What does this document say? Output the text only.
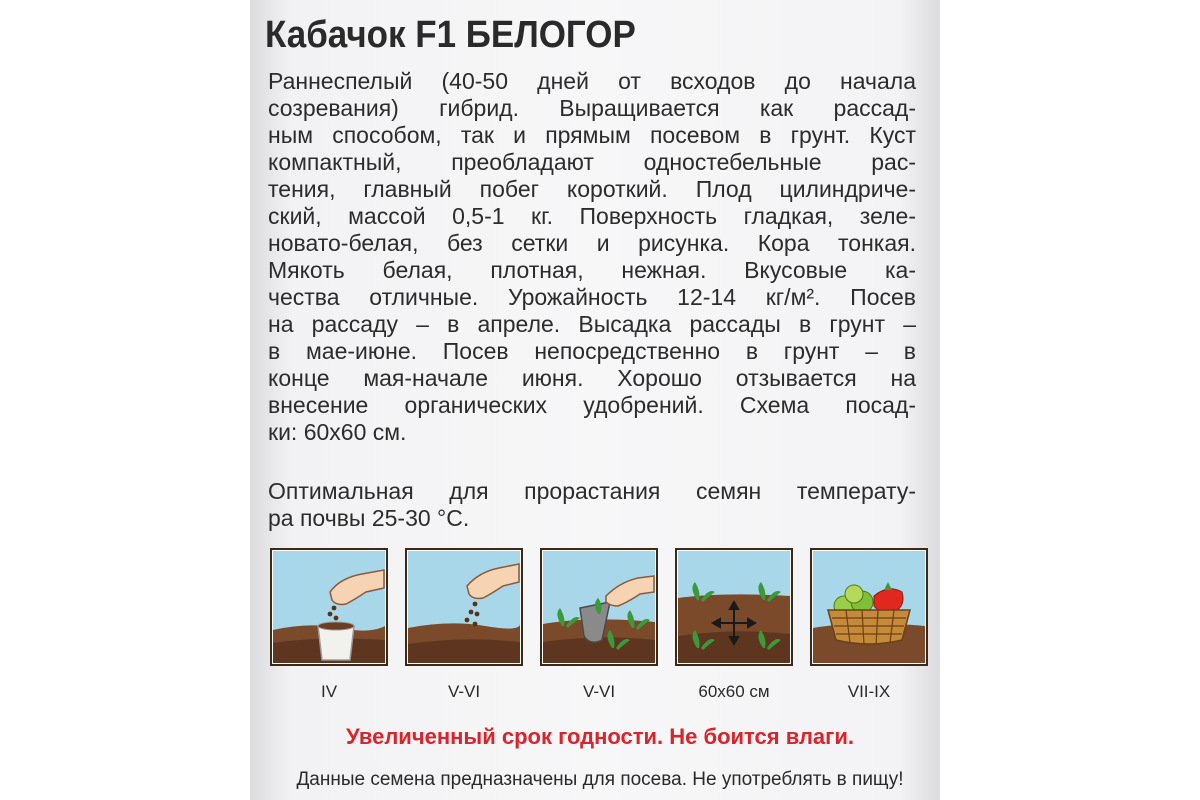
Кабачок F1 БЕЛОГОР
Раннеспелый (40-50 дней от всходов до начала
созревания) гибрид. Выращивается как рассад-
ным способом, так и прямым посевом в грунт. Куст
компактный, преобладают одностебельные рас-
тения, главный побег короткий. Плод цилиндриче-
ский, массой 0,5-1 кг. Поверхность гладкая, зеле-
новато-белая, без сетки и рисунка. Кора тонкая.
Мякоть белая, плотная, нежная. Вкусовые ка-
чества отличные. Урожайность 12-14 кг/м². Посев
на рассаду – в апреле. Высадка рассады в грунт –
в мае-июне. Посев непосредственно в грунт – в
конце мая-начале июня. Хорошо отзывается на
внесение органических удобрений. Схема посад-
ки: 60х60 см.
Оптимальная для прорастания семян температу-
ра почвы 25-30 °С.
IV	V-VI	V-VI	60х60 см	VII-IX
Увеличенный срок годности. Не боится влаги.
Данные семена предназначены для посева. Не употреблять в пищу!
